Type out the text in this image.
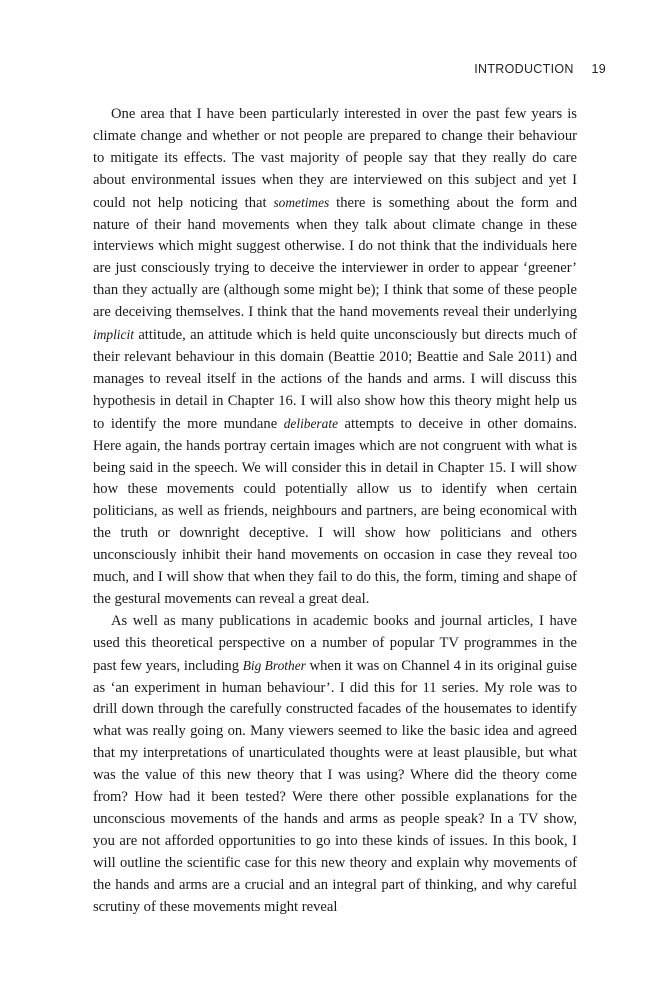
INTRODUCTION 19

One area that I have been particularly interested in over the past few years is climate change and whether or not people are prepared to change their behaviour to mitigate its effects. The vast majority of people say that they really do care about environmental issues when they are interviewed on this subject and yet I could not help noticing that sometimes there is something about the form and nature of their hand movements when they talk about climate change in these interviews which might suggest otherwise. I do not think that the individuals here are just consciously trying to deceive the interviewer in order to appear ‘greener’ than they actually are (although some might be); I think that some of these people are deceiving themselves. I think that the hand movements reveal their underlying implicit attitude, an attitude which is held quite unconsciously but directs much of their relevant behaviour in this domain (Beattie 2010; Beattie and Sale 2011) and manages to reveal itself in the actions of the hands and arms. I will discuss this hypothesis in detail in Chapter 16. I will also show how this theory might help us to identify the more mundane deliberate attempts to deceive in other domains. Here again, the hands portray certain images which are not congruent with what is being said in the speech. We will consider this in detail in Chapter 15. I will show how these movements could potentially allow us to identify when certain politicians, as well as friends, neighbours and partners, are being economical with the truth or downright deceptive. I will show how politicians and others unconsciously inhibit their hand movements on occasion in case they reveal too much, and I will show that when they fail to do this, the form, timing and shape of the gestural movements can reveal a great deal.

As well as many publications in academic books and journal articles, I have used this theoretical perspective on a number of popular TV programmes in the past few years, including Big Brother when it was on Channel 4 in its original guise as ‘an experiment in human behaviour’. I did this for 11 series. My role was to drill down through the carefully constructed facades of the housemates to identify what was really going on. Many viewers seemed to like the basic idea and agreed that my interpretations of unarticulated thoughts were at least plausible, but what was the value of this new theory that I was using? Where did the theory come from? How had it been tested? Were there other possible explanations for the unconscious movements of the hands and arms as people speak? In a TV show, you are not afforded opportunities to go into these kinds of issues. In this book, I will outline the scientific case for this new theory and explain why movements of the hands and arms are a crucial and an integral part of thinking, and why careful scrutiny of these movements might reveal
